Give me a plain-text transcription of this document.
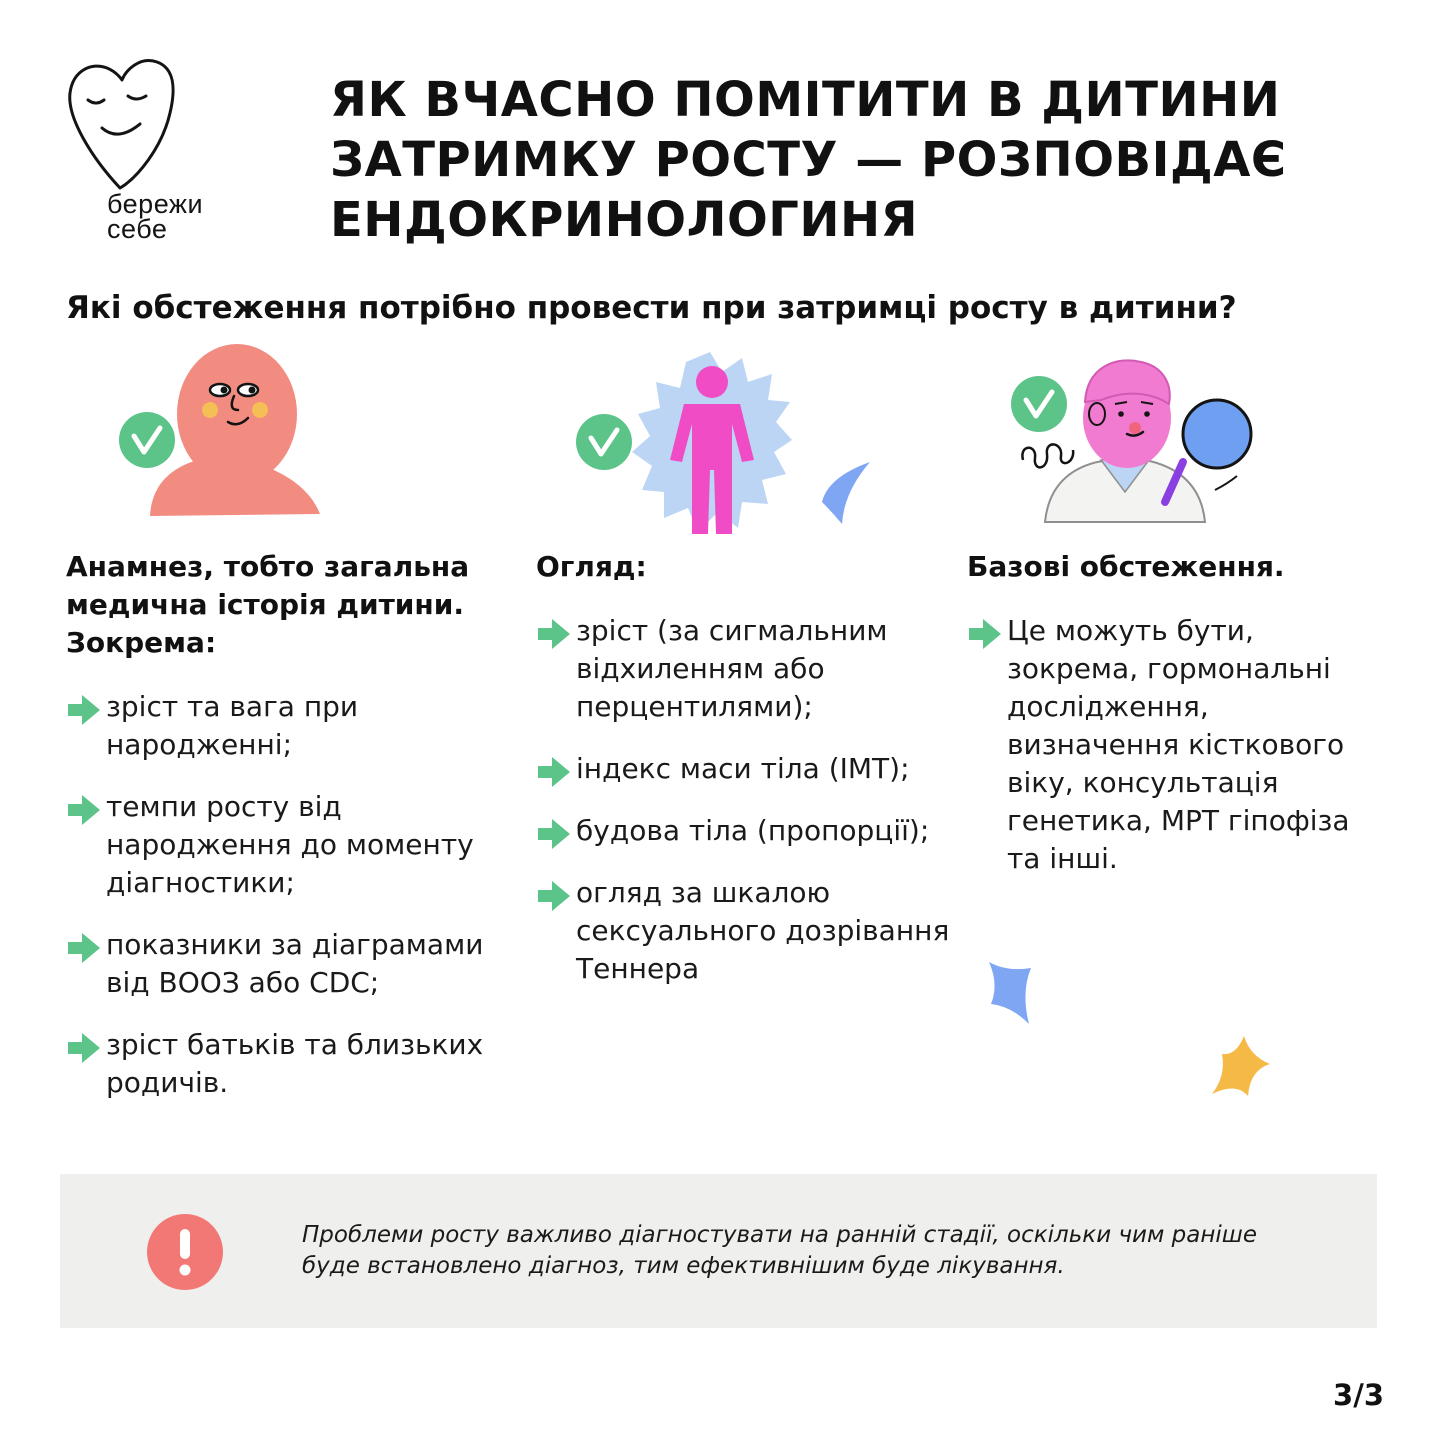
бережи
себе
ЯК ВЧАСНО ПОМІТИТИ В ДИТИНИ ЗАТРИМКУ РОСТУ — РОЗПОВІДАЄ ЕНДОКРИНОЛОГИНЯ
Які обстеження потрібно провести при затримці росту в дитини?
Анамнез, тобто загальна медична історія дитини. Зокрема:
зріст та вага при народженні;
темпи росту від народження до моменту діагностики;
показники за діаграмами від ВООЗ або CDC;
зріст батьків та близьких родичів.
Огляд:
зріст (за сигмальним відхиленням або перцентилями);
індекс маси тіла (ІМТ);
будова тіла (пропорції);
огляд за шкалою сексуального дозрівання Теннера
Базові обстеження.
Це можуть бути, зокрема, гормональні дослідження, визначення кісткового віку, консультація генетика, МРТ гіпофіза та інші.

Проблеми росту важливо діагностувати на ранній стадії, оскільки чим раніше буде встановлено діагноз, тим ефективнішим буде лікування.

3/3
